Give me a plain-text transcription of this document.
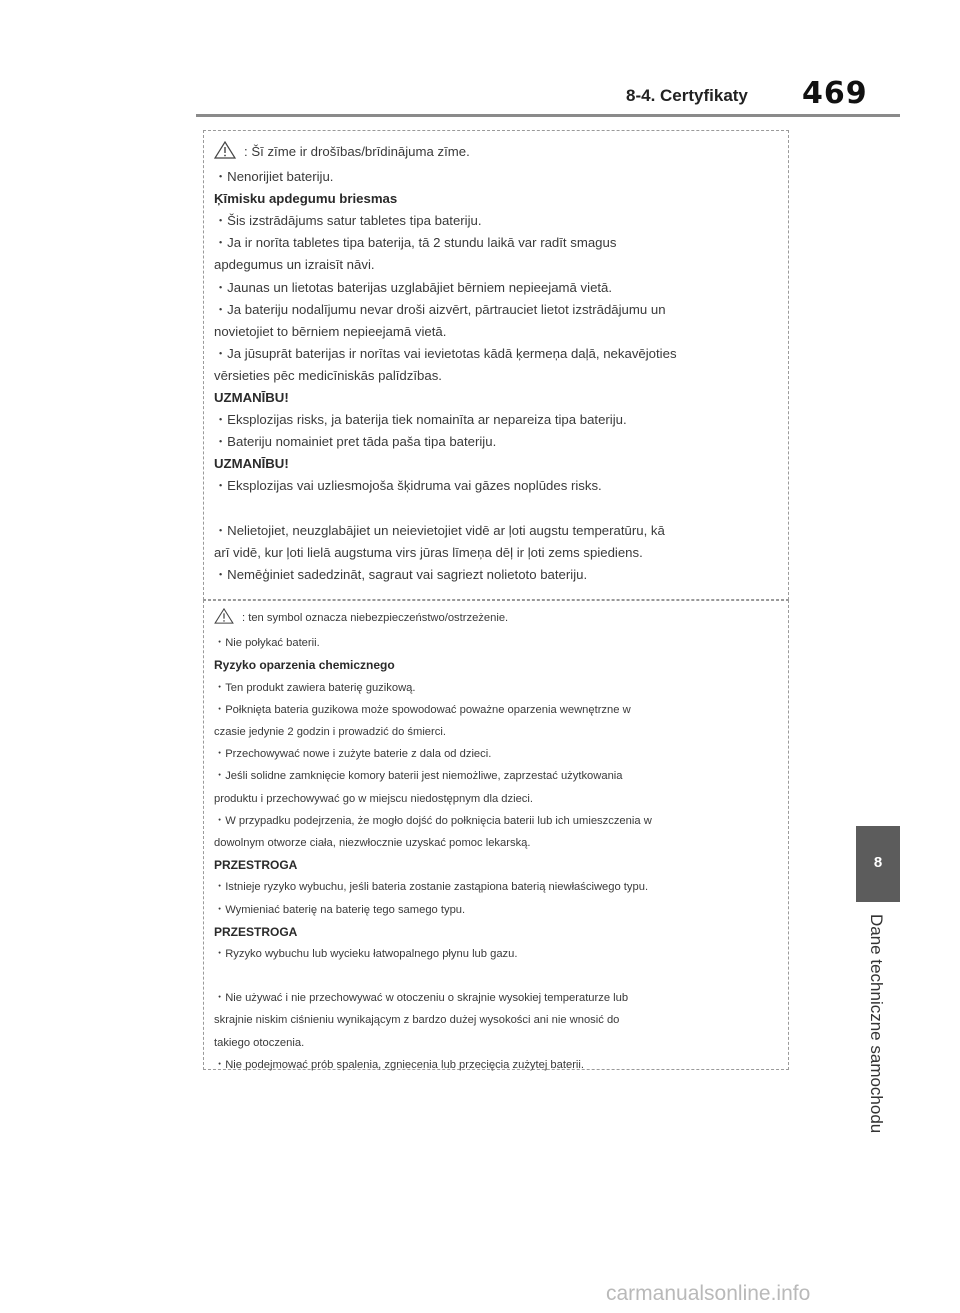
8-4. Certyfikaty 469
: Šī zīme ir drošības/brīdinājuma zīme.
・Nenorijiet bateriju.
Ķīmisku apdegumu briesmas
・Šis izstrādājums satur tabletes tipa bateriju.
・Ja ir norīta tabletes tipa baterija, tā 2 stundu laikā var radīt smagus
apdegumus un izraisīt nāvi.
・Jaunas un lietotas baterijas uzglabājiet bērniem nepieejamā vietā.
・Ja bateriju nodalījumu nevar droši aizvērt, pārtrauciet lietot izstrādājumu un
novietojiet to bērniem nepieejamā vietā.
・Ja jūsuprāt baterijas ir norītas vai ievietotas kādā ķermeņa daļā, nekavējoties
vērsieties pēc medicīniskās palīdzības.
UZMANĪBU!
・Eksplozijas risks, ja baterija tiek nomainīta ar nepareiza tipa bateriju.
・Bateriju nomainiet pret tāda paša tipa bateriju.
UZMANĪBU!
・Eksplozijas vai uzliesmojoša šķidruma vai gāzes noplūdes risks.
・Nelietojiet, neuzglabājiet un neievietojiet vidē ar ļoti augstu temperatūru, kā
arī vidē, kur ļoti lielā augstuma virs jūras līmeņa dēļ ir ļoti zems spiediens.
・Nemēģiniet sadedzināt, sagraut vai sagriezt nolietoto bateriju.
: ten symbol oznacza niebezpieczeństwo/ostrzeżenie.
・Nie połykać baterii.
Ryzyko oparzenia chemicznego
・Ten produkt zawiera baterię guzikową.
・Połknięta bateria guzikowa może spowodować poważne oparzenia wewnętrzne w
czasie jedynie 2 godzin i prowadzić do śmierci.
・Przechowywać nowe i zużyte baterie z dala od dzieci.
・Jeśli solidne zamknięcie komory baterii jest niemożliwe, zaprzestać użytkowania
produktu i przechowywać go w miejscu niedostępnym dla dzieci.
・W przypadku podejrzenia, że mogło dojść do połknięcia baterii lub ich umieszczenia w
dowolnym otworze ciała, niezwłocznie uzyskać pomoc lekarską.
PRZESTROGA
・Istnieje ryzyko wybuchu, jeśli bateria zostanie zastąpiona baterią niewłaściwego typu.
・Wymieniać baterię na baterię tego samego typu.
PRZESTROGA
・Ryzyko wybuchu lub wycieku łatwopalnego płynu lub gazu.
・Nie używać i nie przechowywać w otoczeniu o skrajnie wysokiej temperaturze lub
skrajnie niskim ciśnieniu wynikającym z bardzo dużej wysokości ani nie wnosić do
takiego otoczenia.
・Nie podejmować prób spalenia, zgniecenia lub przecięcia zużytej baterii.
8
Dane techniczne samochodu
carmanualsonline.info
